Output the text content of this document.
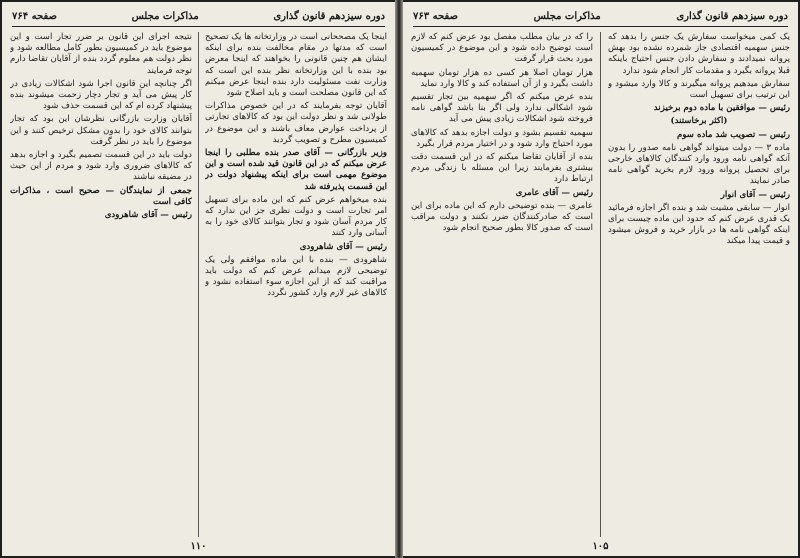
دوره سیزدهم قانون گذاری
مذاکرات مجلس
صفحه ۷۶۴

اینجا یک مصححانی است در وزارتخانه ها یک تصحیح است که مدتها در مقام مخالفت بنده برای اینکه ایشان هم چنین قانونی را بخواهند که اینجا معرض بود بنده با این وزارتخانه نظر بنده این است که وزارت نفت مسئولیت دارد بنده اینجا عرض میکنم که این قانون مصلحت است و باید اصلاح شود

آقایان توجه بفرمایند که در این خصوص مذاکرات طولانی شد و نظر دولت این بود که کالاهای تجارتی از پرداخت عوارض معاف باشند و این موضوع در کمیسیون مطرح و تصویب گردید

وزیر بازرگانی — آقای صدر بنده مطلبی را اینجا عرض میکنم که در این قانون قید شده است و این موضوع مهمی است برای اینکه پیشنهاد دولت در این قسمت پذیرفته شد

بنده میخواهم عرض کنم که این ماده برای تسهیل امر تجارت است و دولت نظری جز این ندارد که کار مردم آسان شود و تجار بتوانند کالای خود را به آسانی وارد کنند

رئیس — آقای شاهرودی

شاهرودی — بنده با این ماده موافقم ولی یک توضیحی لازم میدانم عرض کنم که دولت باید مراقبت کند که از این اجازه سوء استفاده نشود و کالاهای غیر لازم وارد کشور نگردد

نتیجه اجرای این قانون بر ضرر تجار است و این موضوع باید در کمیسیون بطور کامل مطالعه شود و نظر دولت هم معلوم گردد بنده از آقایان تقاضا دارم توجه فرمایند

اگر چنانچه این قانون اجرا شود اشکالات زیادی در کار پیش می آید و تجار دچار زحمت میشوند بنده پیشنهاد کرده ام که این قسمت حذف شود

آقایان وزارت بازرگانی نظرشان این بود که تجار بتوانند کالای خود را بدون مشکل ترخیص کنند و این موضوع را باید در نظر گرفت

دولت باید در این قسمت تصمیم بگیرد و اجازه بدهد که کالاهای ضروری وارد شود و مردم از این حیث در مضیقه نباشند

جمعی از نمایندگان — صحیح است ، مذاکرات کافی است

رئیس — آقای شاهرودی

۱۱۰
دوره سیزدهم قانون گذاری
مذاکرات مجلس
صفحه ۷۶۳

یک کمی میخواست سفارش یک جنس را بدهد که جنس سهمیه اقتصادی جاز شمرده نشده بود بهش پروانه نمیدادند و سفارش دادن جنس احتیاج باینکه قبلا پروانه بگیرد و مقدمات کار انجام شود ندارد

سفارش میدهیم پروانه میگیرند و کالا وارد میشود و این ترتیب برای تسهیل است

رئیس — موافقین با ماده دوم برخیزند

(اکثر برخاستند)

رئیس — تصویب شد ماده سوم

ماده ۳ — دولت میتواند گواهی نامه صدور را بدون آنکه گواهی نامه ورود وارد کنندگان کالاهای خارجی برای تحصیل پروانه ورود لازم بخرید گواهی نامه صادر نمایند

رئیس — آقای انوار

انوار — سابقی مشیت شد و بنده اگر اجازه فرمائید یک قدری عرض کنم که حدود این ماده چیست برای اینکه گواهی نامه ها در بازار خرید و فروش میشود و قیمت پیدا میکند

را که در بیان مطلب مفصل بود عرض کنم که لازم است توضیح داده شود و این موضوع در کمیسیون مورد بحث قرار گرفت

هزار تومان اصلا هر کسی ده هزار تومان سهمیه داشت بگیرد و از آن استفاده کند و کالا وارد نماید

بنده عرض میکنم که اگر سهمیه بین تجار تقسیم شود اشکالی ندارد ولی اگر بنا باشد گواهی نامه فروخته شود اشکالات زیادی پیش می آید

سهمیه تقسیم بشود و دولت اجازه بدهد که کالاهای مورد احتیاج وارد شود و در اختیار مردم قرار بگیرد

بنده از آقایان تقاضا میکنم که در این قسمت دقت بیشتری بفرمایند زیرا این مسئله با زندگی مردم ارتباط دارد

رئیس — آقای عامری

عامری — بنده توضیحی دارم که این ماده برای این است که صادرکنندگان ضرر نکنند و دولت مراقب است که صدور کالا بطور صحیح انجام شود

۱۰۵
